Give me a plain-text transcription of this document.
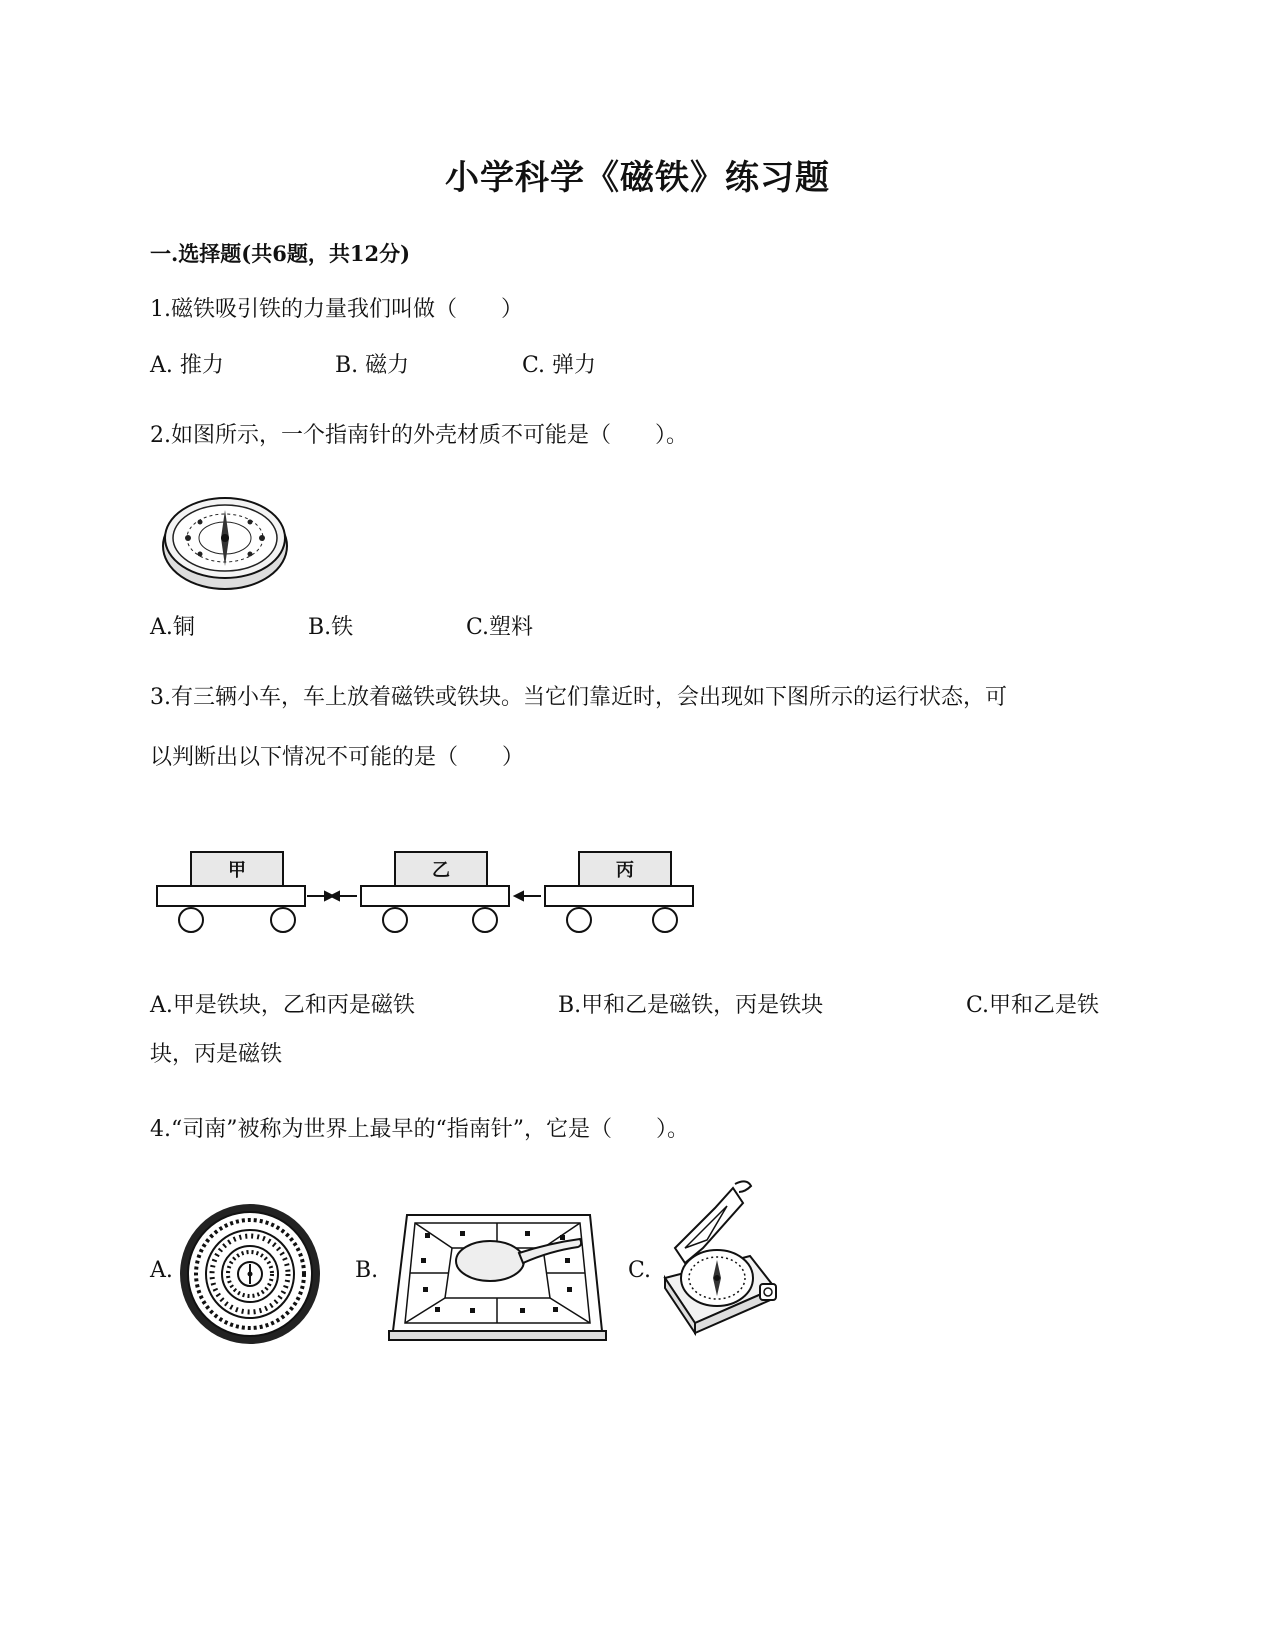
小学科学《磁铁》练习题
一.选择题(共6题，共12分)
1.磁铁吸引铁的力量我们叫做（　　）
A. 推力	B. 磁力	C. 弹力
2.如图所示，一个指南针的外壳材质不可能是（　　）。
A.铜	B.铁	C.塑料
3.有三辆小车，车上放着磁铁或铁块。当它们靠近时，会出现如下图所示的运行状态，可
以判断出以下情况不可能的是（　　）
甲	乙	丙
A.甲是铁块，乙和丙是磁铁	B.甲和乙是磁铁，丙是铁块	C.甲和乙是铁
块，丙是磁铁
4.“司南”被称为世界上最早的“指南针”，它是（　　）。
A.	B.	C.
